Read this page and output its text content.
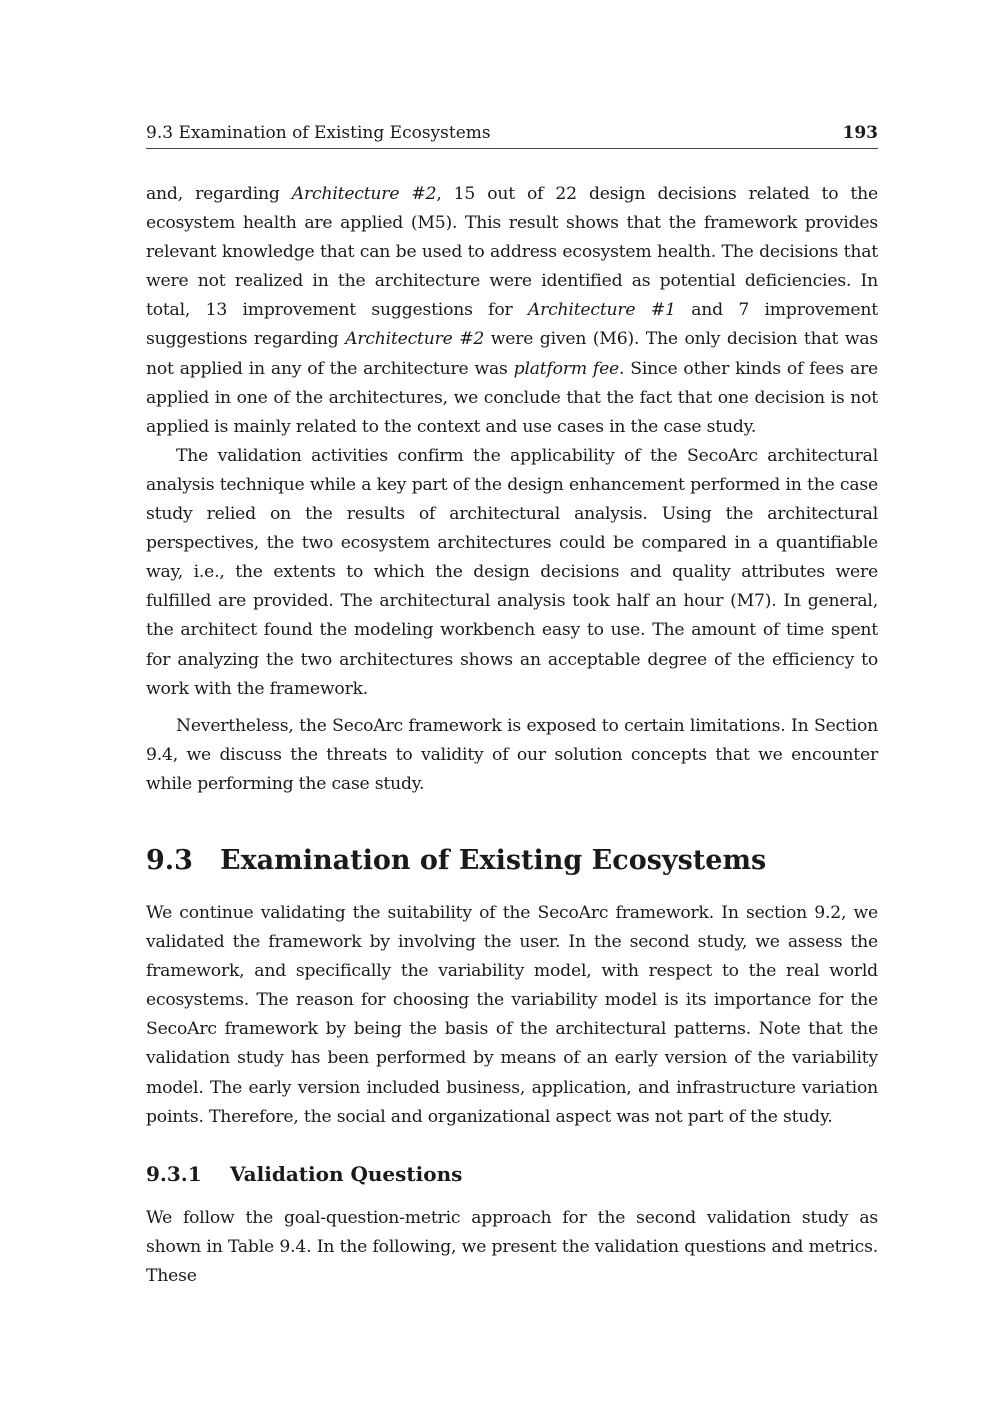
9.3 Examination of Existing Ecosystems	193

and, regarding Architecture #2, 15 out of 22 design decisions related to the ecosystem health are applied (M5). This result shows that the framework provides relevant knowledge that can be used to address ecosystem health. The decisions that were not realized in the architecture were identified as potential deficiencies. In total, 13 improvement suggestions for Architecture #1 and 7 improvement suggestions regarding Architecture #2 were given (M6). The only decision that was not applied in any of the architecture was platform fee. Since other kinds of fees are applied in one of the architectures, we conclude that the fact that one decision is not applied is mainly related to the context and use cases in the case study.

The validation activities confirm the applicability of the SecoArc architectural analysis technique while a key part of the design enhancement performed in the case study relied on the results of architectural analysis. Using the architectural perspectives, the two ecosystem architectures could be compared in a quantifiable way, i.e., the extents to which the design decisions and quality attributes were fulfilled are provided. The architectural analysis took half an hour (M7). In general, the architect found the modeling workbench easy to use. The amount of time spent for analyzing the two architectures shows an acceptable degree of the efficiency to work with the framework.

Nevertheless, the SecoArc framework is exposed to certain limitations. In Section 9.4, we discuss the threats to validity of our solution concepts that we encounter while performing the case study.

9.3 Examination of Existing Ecosystems

We continue validating the suitability of the SecoArc framework. In section 9.2, we validated the framework by involving the user. In the second study, we assess the framework, and specifically the variability model, with respect to the real world ecosystems. The reason for choosing the variability model is its importance for the SecoArc framework by being the basis of the architectural patterns. Note that the validation study has been performed by means of an early version of the variability model. The early version included business, application, and infrastructure variation points. Therefore, the social and organizational aspect was not part of the study.

9.3.1 Validation Questions

We follow the goal-question-metric approach for the second validation study as shown in Table 9.4. In the following, we present the validation questions and metrics. These
